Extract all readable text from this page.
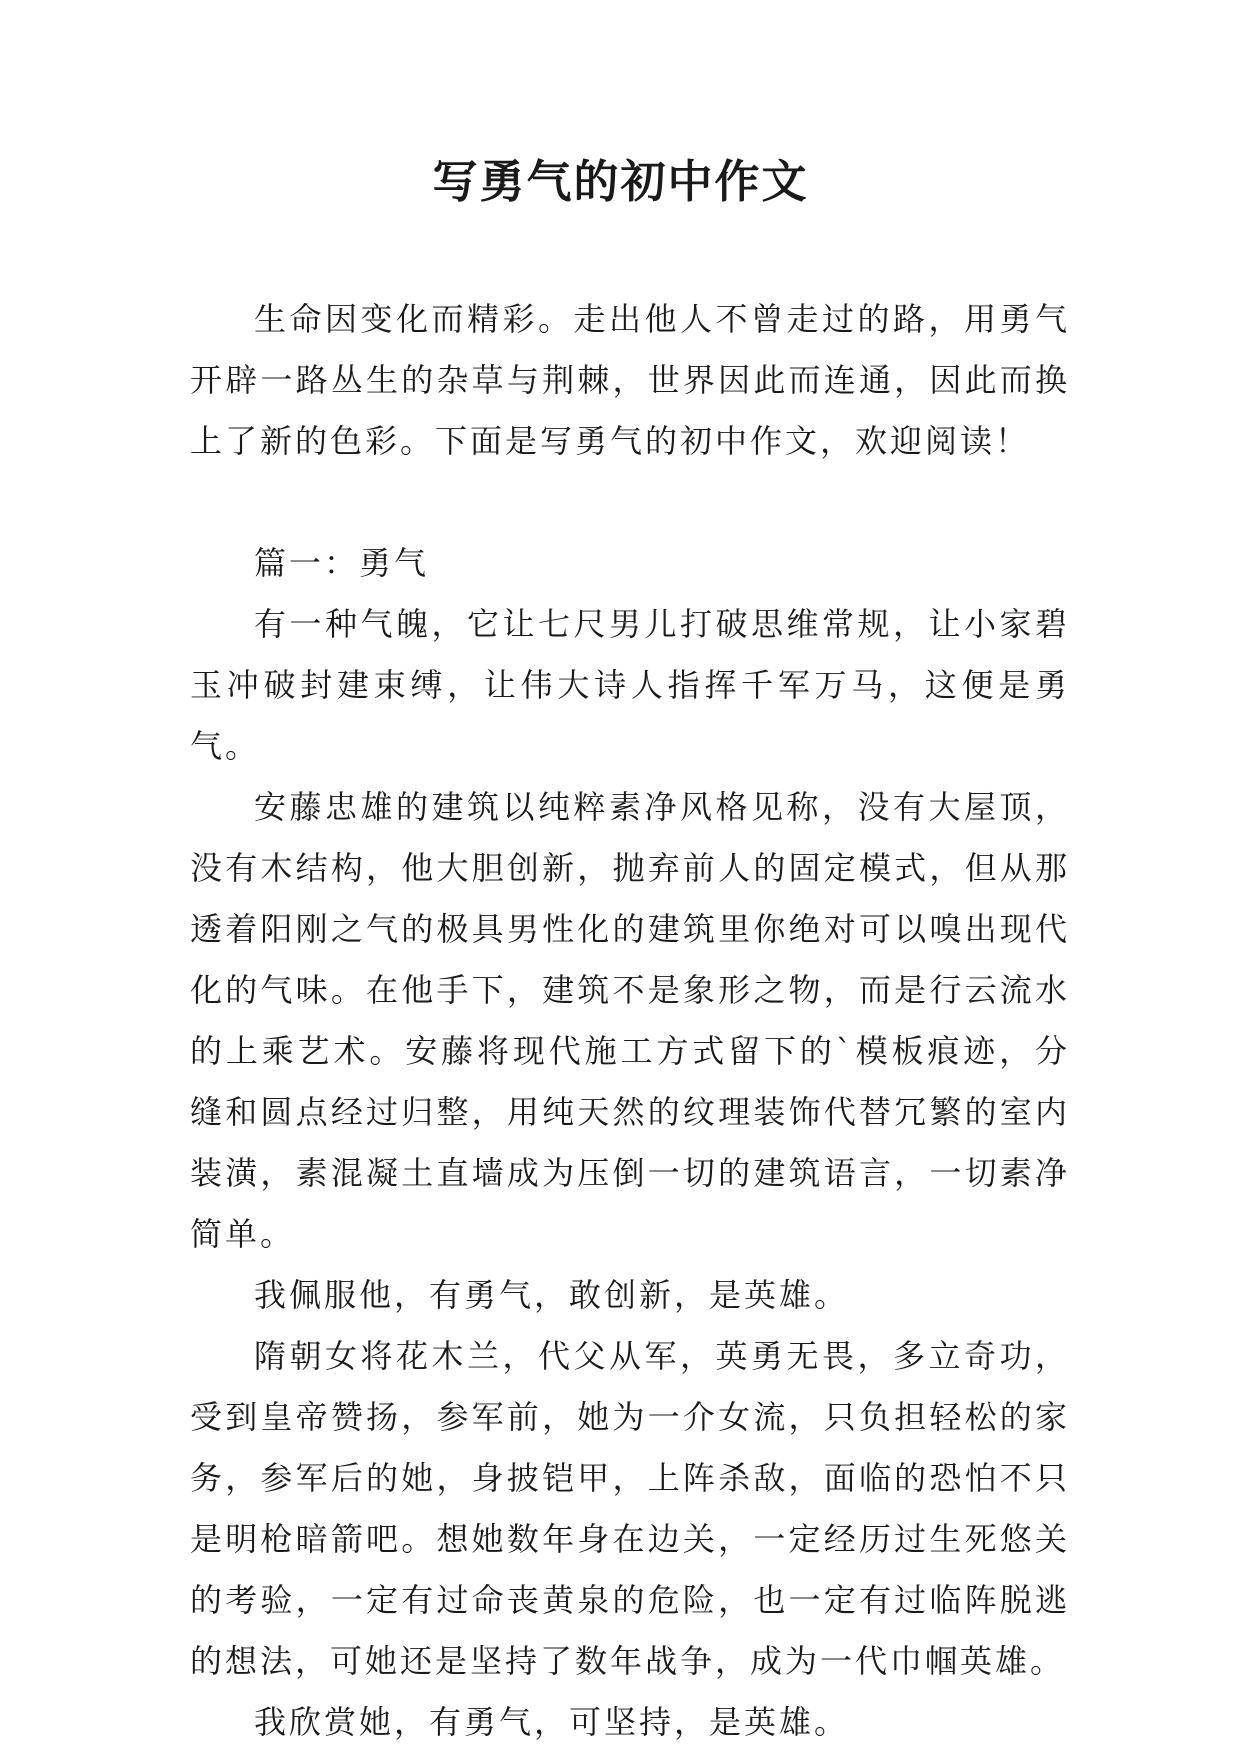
写勇气的初中作文

生命因变化而精彩。走出他人不曾走过的路，用勇气开辟一路丛生的杂草与荆棘，世界因此而连通，因此而换上了新的色彩。下面是写勇气的初中作文，欢迎阅读！

篇一：勇气

有一种气魄，它让七尺男儿打破思维常规，让小家碧玉冲破封建束缚，让伟大诗人指挥千军万马，这便是勇气。

安藤忠雄的建筑以纯粹素净风格见称，没有大屋顶，没有木结构，他大胆创新，抛弃前人的固定模式，但从那透着阳刚之气的极具男性化的建筑里你绝对可以嗅出现代化的气味。在他手下，建筑不是象形之物，而是行云流水的上乘艺术。安藤将现代施工方式留下的`模板痕迹，分缝和圆点经过归整，用纯天然的纹理装饰代替冗繁的室内装潢，素混凝土直墙成为压倒一切的建筑语言，一切素净简单。

我佩服他，有勇气，敢创新，是英雄。

隋朝女将花木兰，代父从军，英勇无畏，多立奇功，受到皇帝赞扬，参军前，她为一介女流，只负担轻松的家务，参军后的她，身披铠甲，上阵杀敌，面临的恐怕不只是明枪暗箭吧。想她数年身在边关，一定经历过生死悠关的考验，一定有过命丧黄泉的危险，也一定有过临阵脱逃的想法，可她还是坚持了数年战争，成为一代巾帼英雄。

我欣赏她，有勇气，可坚持，是英雄。
